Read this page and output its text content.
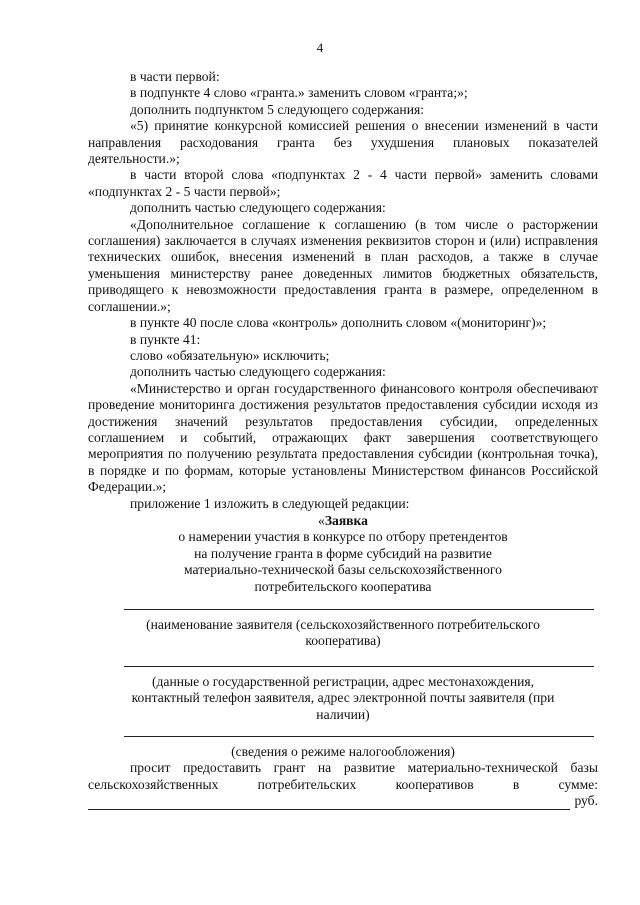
4

в части первой:

в подпункте 4 слово «гранта.» заменить словом «гранта;»;

дополнить подпунктом 5 следующего содержания:

«5) принятие конкурсной комиссией решения о внесении изменений в части направления расходования гранта без ухудшения плановых показателей деятельности.»;

в части второй слова «подпунктах 2 - 4 части первой» заменить словами «подпунктах 2 - 5 части первой»;

дополнить частью следующего содержания:

«Дополнительное соглашение к соглашению (в том числе о расторжении соглашения) заключается в случаях изменения реквизитов сторон и (или) исправления технических ошибок, внесения изменений в план расходов, а также в случае уменьшения министерству ранее доведенных лимитов бюджетных обязательств, приводящего к невозможности предоставления гранта в размере, определенном в соглашении.»;

в пункте 40 после слова «контроль» дополнить словом «(мониторинг)»;

в пункте 41:

слово «обязательную» исключить;

дополнить частью следующего содержания:

«Министерство и орган государственного финансового контроля обеспечивают проведение мониторинга достижения результатов предоставления субсидии исходя из достижения значений результатов предоставления субсидии, определенных соглашением и событий, отражающих факт завершения соответствующего мероприятия по получению результата предоставления субсидии (контрольная точка), в порядке и по формам, которые установлены Министерством финансов Российской Федерации.»;

приложение 1 изложить в следующей редакции:

«Заявка

о намерении участия в конкурсе по отбору претендентов

на получение гранта в форме субсидий на развитие

материально-технической базы сельскохозяйственного

потребительского кооператива

(наименование заявителя (сельскохозяйственного потребительского кооператива)

(данные о государственной регистрации, адрес местонахождения, контактный телефон заявителя, адрес электронной почты заявителя (при наличии)

(сведения о режиме налогообложения)

просит предоставить грант на развитие материально-технической базы сельскохозяйственных потребительских кооперативов в сумме:

руб.
